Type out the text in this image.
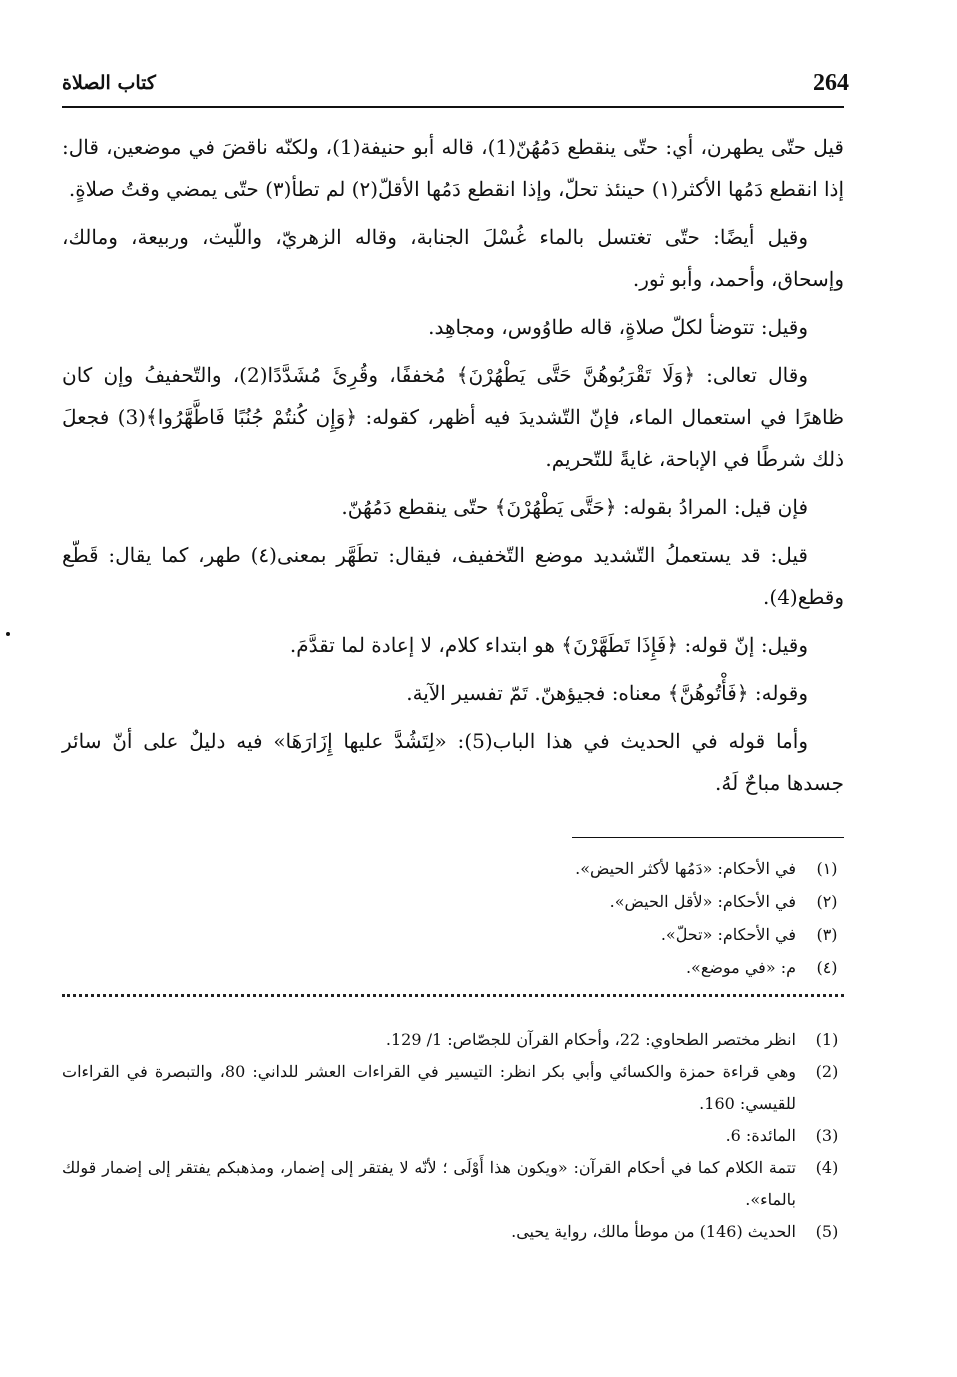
264
كتاب الصلاة

قيل حتّى يطهرن، أي: حتّى ينقطع دَمُهُنّ(1)، قاله أبو حنيفة(1)، ولكنّه ناقضَ في موضعين، قال: إذا انقطع دَمُها الأكثر(١) حينئذ تحلّ، وإذا انقطع دَمُها الأقلّ(٢) لم تطأ(٣) حتّى يمضي وقتُ صلاةٍ.

وقيل أيضًا: حتّى تغتسل بالماء غُسْلَ الجنابة، وقاله الزهريّ، واللّيث، وربيعة، ومالك، وإسحاق، وأحمد، وأبو ثور.

وقيل: تتوضأ لكلّ صلاةٍ، قاله طاوُوس، ومجاهِد.

وقال تعالى: ﴿وَلَا تَقْرَبُوهُنَّ حَتَّى يَطْهُرْنَ﴾ مُخففًا، وقُرِئَ مُشَدَّدًا(2)، والتّحفيفُ وإن كان ظاهرًا في استعمال الماء، فإنّ التّشديدَ فيه أظهر، كقوله: ﴿وَإِن كُنتُمْ جُنُبًا فَاطَّهَّرُوا﴾(3) فجعلَ ذلك شرطًا في الإباحة، غايةً للتّحريم.

فإن قيل: المرادُ بقوله: ﴿حَتَّى يَطْهُرْنَ﴾ حتّى ينقطع دَمُهُنّ.

قيل: قد يستعملُ التّشديد موضع التّخفيف، فيقال: تطَهَّر بمعنى(٤) طهر، كما يقال: قَطّع وقطع(4).

وقيل: إنّ قوله: ﴿فَإِذَا تَطَهَّرْنَ﴾ هو ابتداء كلام، لا إعادة لما تقدَّمَ.

وقوله: ﴿فَأْتُوهُنَّ﴾ معناه: فجيؤهنّ. تَمّ تفسير الآية.

وأما قوله في الحديث في هذا الباب(5): «لِتَشُدَّ عليها إِزَارَهَا» فيه دليلٌ على أنّ سائر جسدها مباحٌ لَهُ.

(١)
في الأحكام: «دَمُها لأكثر الحيض».
(٢)
في الأحكام: «لأقل الحيض».
(٣)
في الأحكام: «تحلّ».
(٤)
م: «في موضع».
(1)
انظر مختصر الطحاوي: 22، وأحكام القرآن للجصّاص: 1/ 129.
(2)
وهي قراءة حمزة والكسائي وأبي بكر انظر: التيسير في القراءات العشر للداني: 80، والتبصرة في القراءات للقيسي: 160.
(3)
المائدة: 6.
(4)
تتمة الكلام كما في أحكام القرآن: «ويكون هذا أَوْلَى ؛ لأنّه لا يفتقر إلى إضمار، ومذهبكم يفتقر إلى إضمار قولك بالماء».
(5)
الحديث (146) من موطأ مالك، رواية يحيى.
